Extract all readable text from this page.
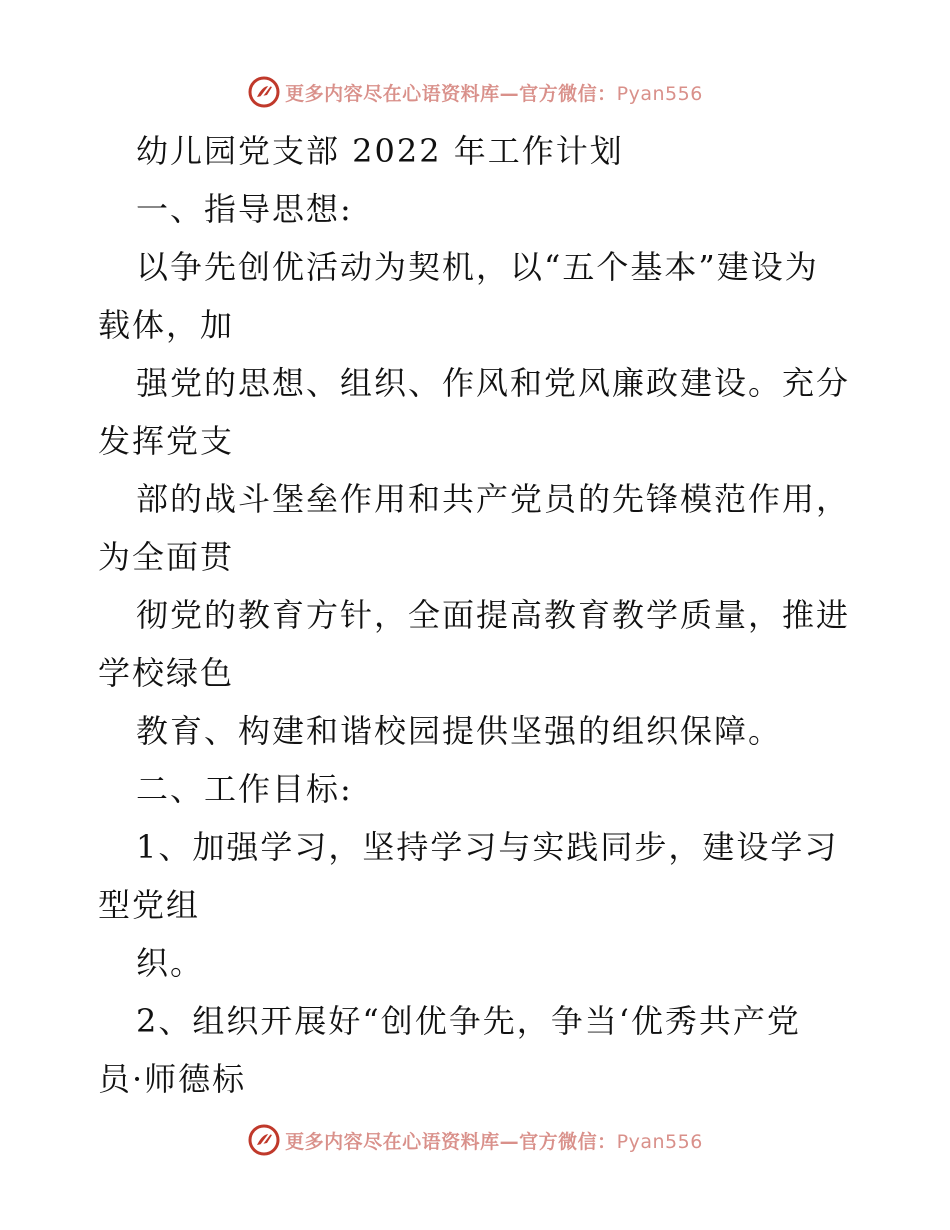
更多内容尽在心语资料库—官方微信：Pyan556
幼儿园党支部 2022 年工作计划
一、指导思想:
以争先创优活动为契机，以“五个基本”建设为
载体，加
强党的思想、组织、作风和党风廉政建设。充分
发挥党支
部的战斗堡垒作用和共产党员的先锋模范作用，
为全面贯
彻党的教育方针，全面提高教育教学质量，推进
学校绿色
教育、构建和谐校园提供坚强的组织保障。
二、工作目标:
1、加强学习，坚持学习与实践同步，建设学习
型党组
织。
2、组织开展好“创优争先，争当‘优秀共产党
员·师德标
更多内容尽在心语资料库—官方微信：Pyan556
